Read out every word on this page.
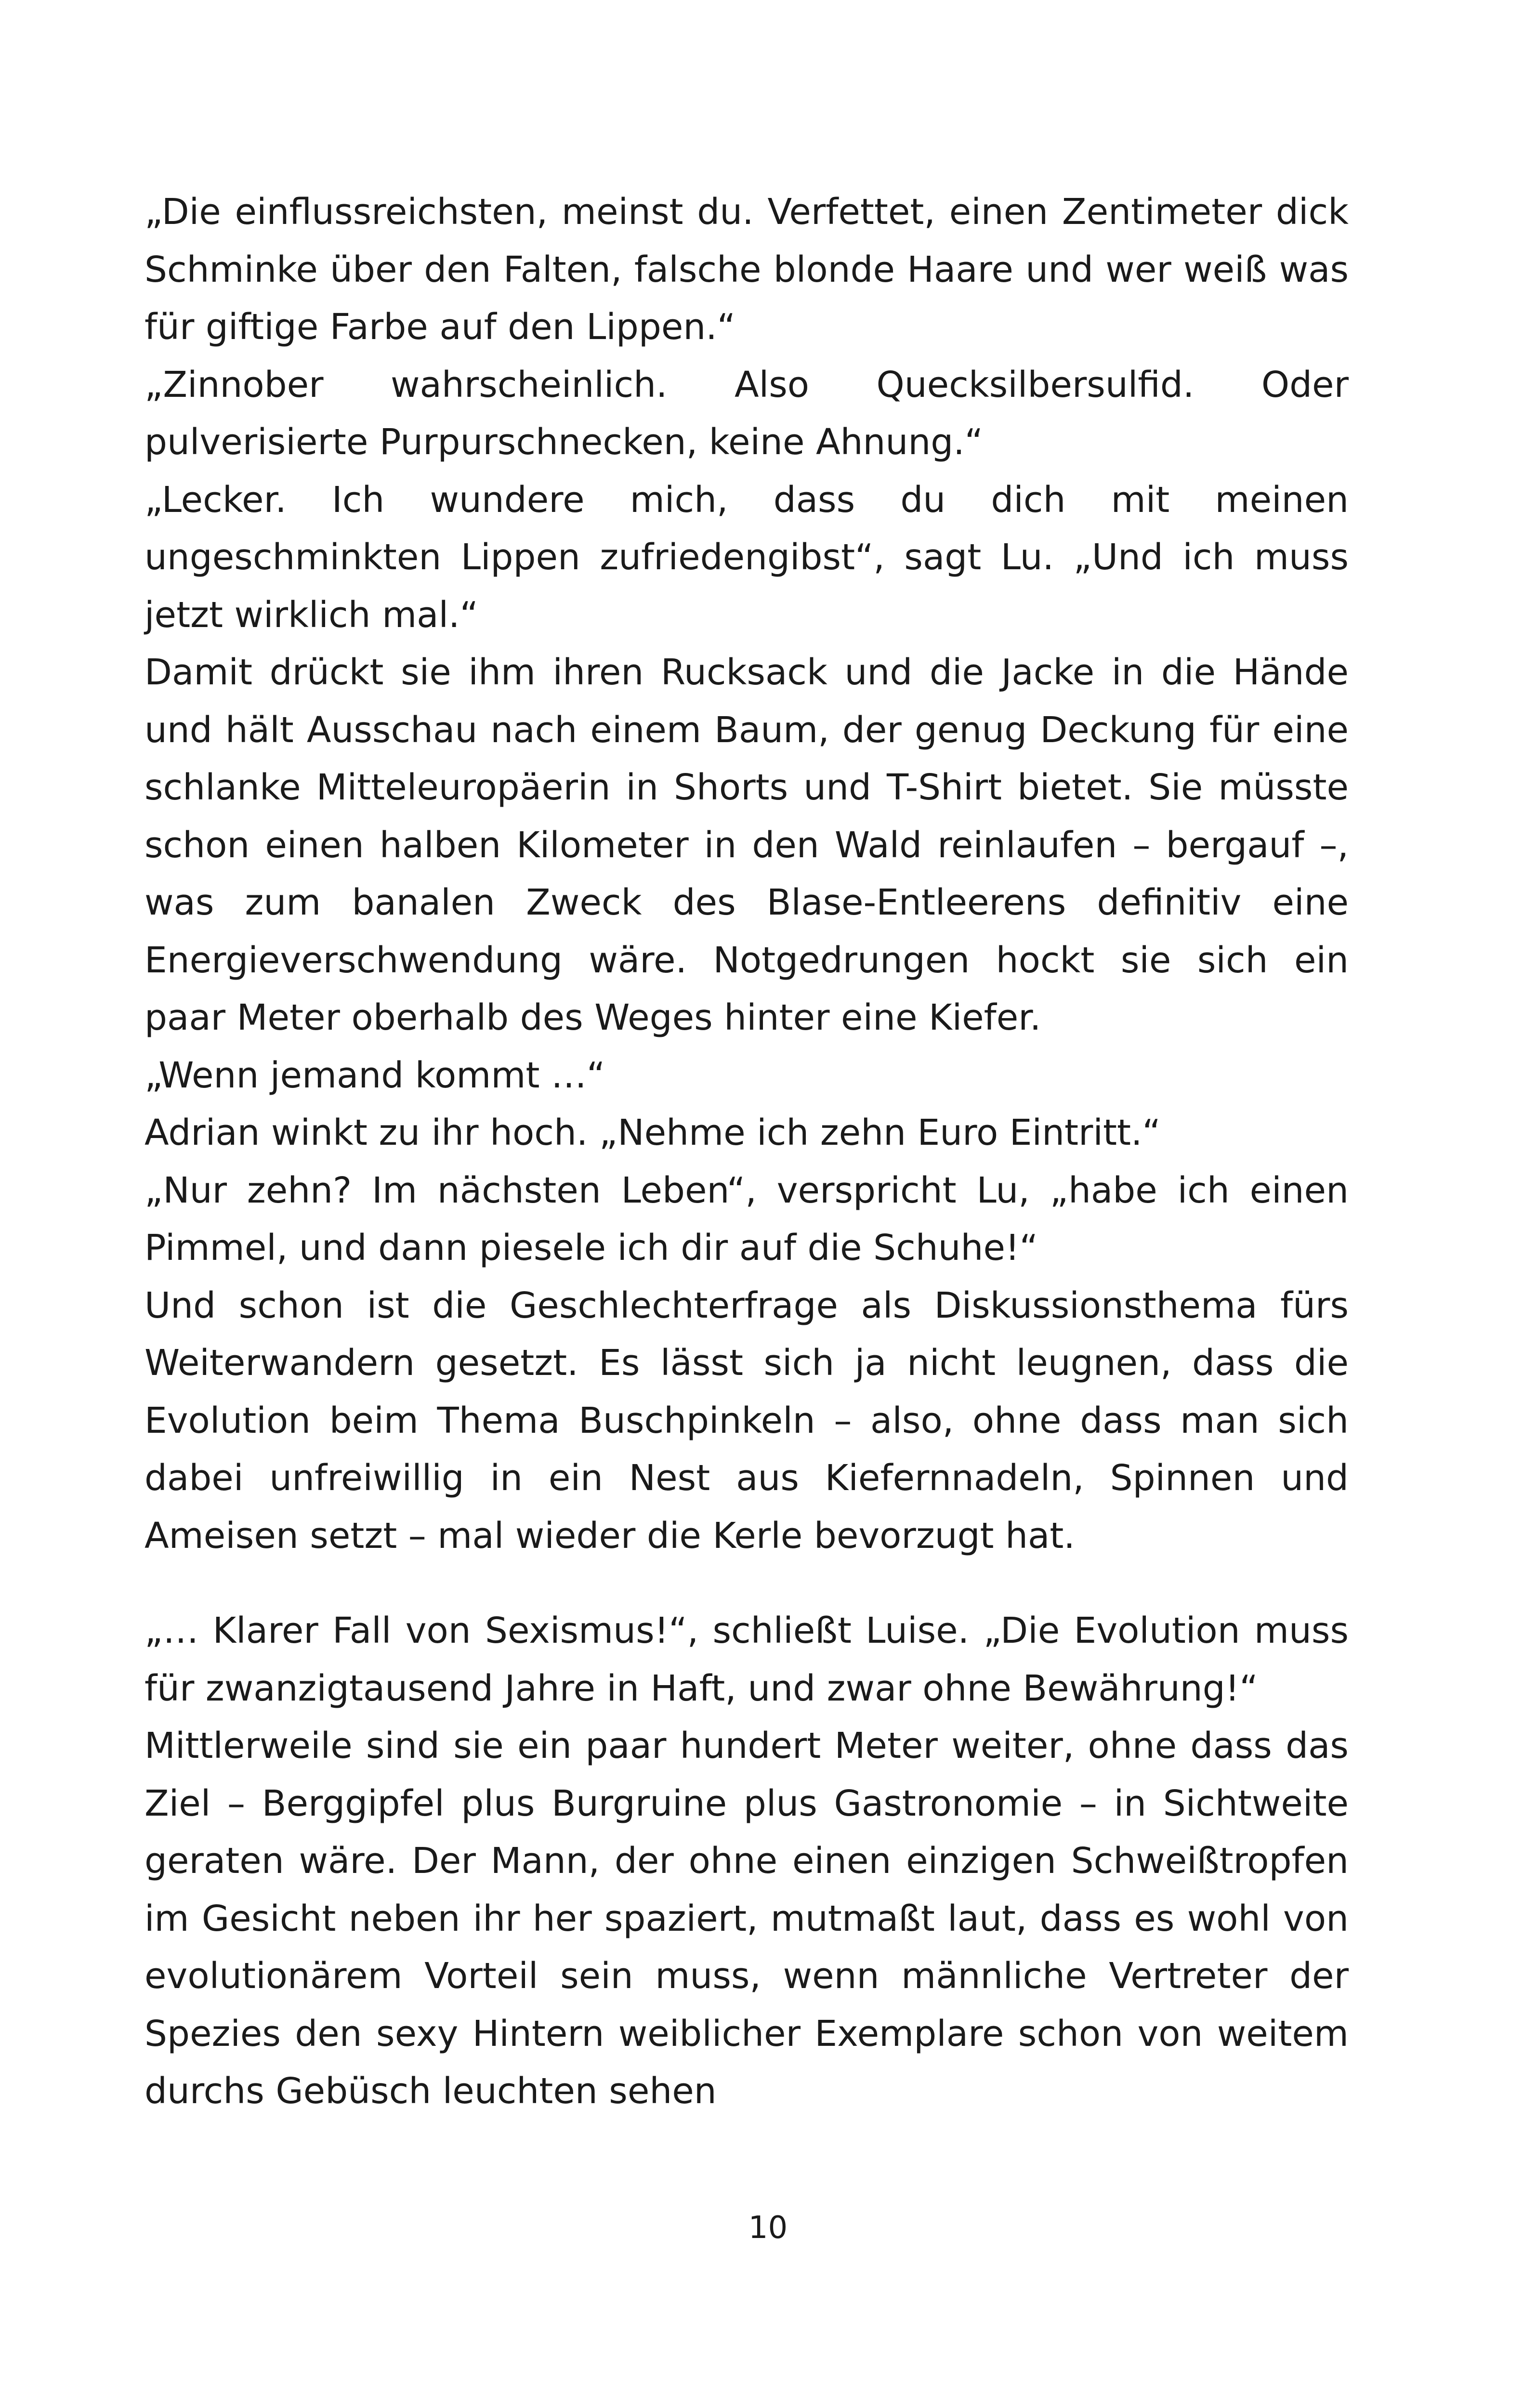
„Die einflussreichsten, meinst du. Verfettet, einen Zentimeter dick Schminke über den Falten, falsche blonde Haare und wer weiß was für giftige Farbe auf den Lippen.“

„Zinnober wahrscheinlich. Also Quecksilbersulfid. Oder pulverisierte Purpurschnecken, keine Ahnung.“

„Lecker. Ich wundere mich, dass du dich mit meinen ungeschminkten Lippen zufriedengibst“, sagt Lu. „Und ich muss jetzt wirklich mal.“

Damit drückt sie ihm ihren Rucksack und die Jacke in die Hände und hält Ausschau nach einem Baum, der genug Deckung für eine schlanke Mitteleuropäerin in Shorts und T-Shirt bietet. Sie müsste schon einen halben Kilometer in den Wald reinlaufen – bergauf –, was zum banalen Zweck des Blase-Entleerens definitiv eine Energieverschwendung wäre. Notgedrungen hockt sie sich ein paar Meter oberhalb des Weges hinter eine Kiefer.

„Wenn jemand kommt …“

Adrian winkt zu ihr hoch. „Nehme ich zehn Euro Eintritt.“

„Nur zehn? Im nächsten Leben“, verspricht Lu, „habe ich einen Pimmel, und dann piesele ich dir auf die Schuhe!“

Und schon ist die Geschlechterfrage als Diskussionsthema fürs Weiterwandern gesetzt. Es lässt sich ja nicht leugnen, dass die Evolution beim Thema Buschpinkeln – also, ohne dass man sich dabei unfreiwillig in ein Nest aus Kiefernnadeln, Spinnen und Ameisen setzt – mal wieder die Kerle bevorzugt hat.

„… Klarer Fall von Sexismus!“, schließt Luise. „Die Evolution muss für zwanzigtausend Jahre in Haft, und zwar ohne Bewährung!“

Mittlerweile sind sie ein paar hundert Meter weiter, ohne dass das Ziel – Berggipfel plus Burgruine plus Gastronomie – in Sichtweite geraten wäre. Der Mann, der ohne einen einzigen Schweißtropfen im Gesicht neben ihr her spaziert, mutmaßt laut, dass es wohl von evolutionärem Vorteil sein muss, wenn männliche Vertreter der Spezies den sexy Hintern weiblicher Exemplare schon von weitem durchs Gebüsch leuchten sehen

10
